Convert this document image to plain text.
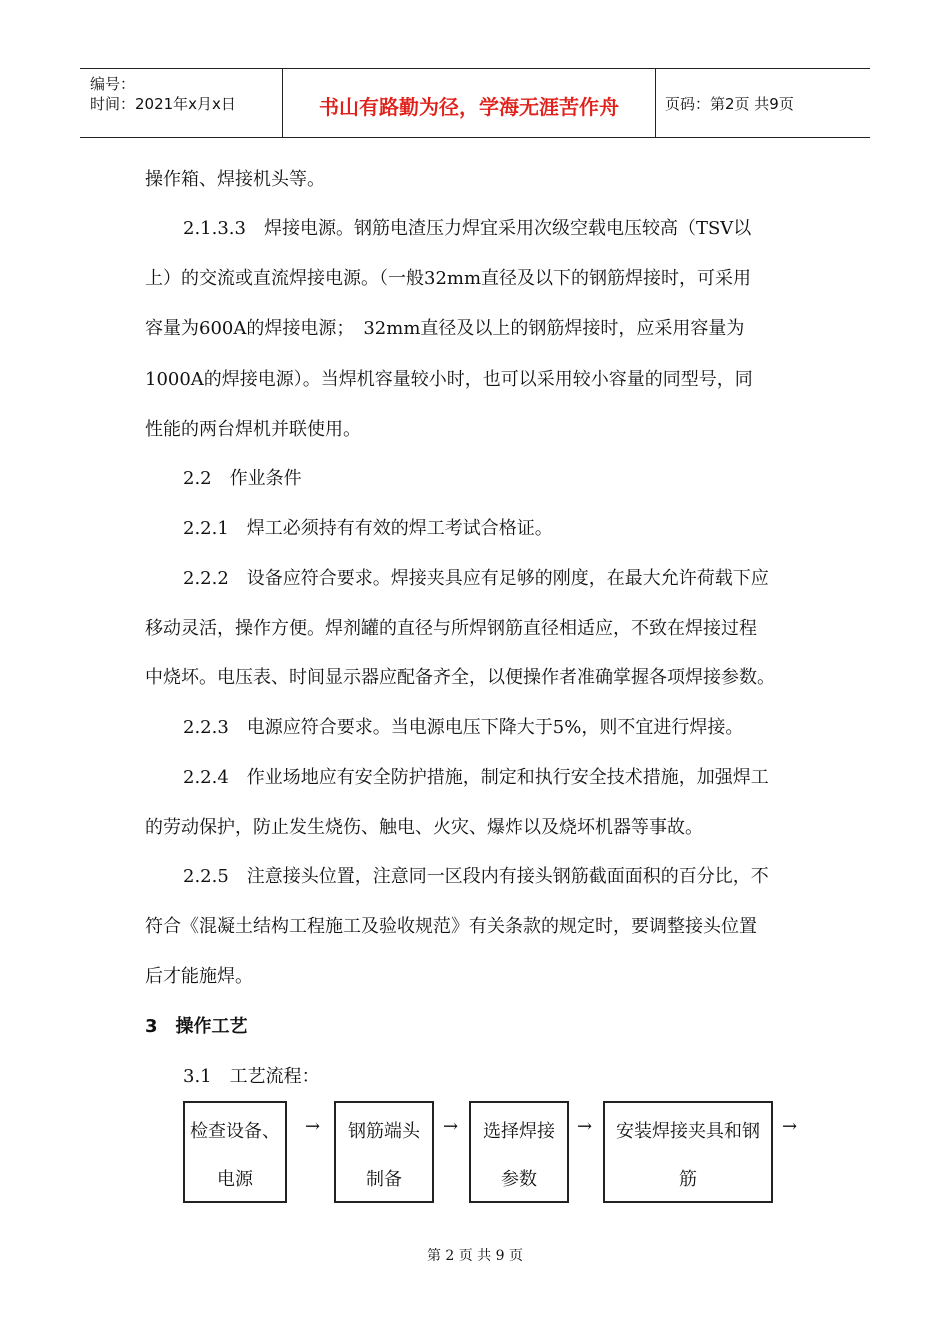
编号：
时间：2021年x月x日	书山有路勤为径，学海无涯苦作舟	页码：第2页 共9页
操作箱、焊接机头等。
2.1.3.3　焊接电源。钢筋电渣压力焊宜采用次级空载电压较高（TSV以
上）的交流或直流焊接电源。（一般32mm直径及以下的钢筋焊接时，可采用
容量为600A的焊接电源；　32mm直径及以上的钢筋焊接时，应采用容量为
1000A的焊接电源）。当焊机容量较小时，也可以采用较小容量的同型号，同
性能的两台焊机并联使用。
2.2　作业条件
2.2.1　焊工必须持有有效的焊工考试合格证。
2.2.2　设备应符合要求。焊接夹具应有足够的刚度，在最大允许荷载下应
移动灵活，操作方便。焊剂罐的直径与所焊钢筋直径相适应，不致在焊接过程
中烧坏。电压表、时间显示器应配备齐全，以便操作者准确掌握各项焊接参数。
2.2.3　电源应符合要求。当电源电压下降大于5%，则不宜进行焊接。
2.2.4　作业场地应有安全防护措施，制定和执行安全技术措施，加强焊工
的劳动保护，防止发生烧伤、触电、火灾、爆炸以及烧坏机器等事故。
2.2.5　注意接头位置，注意同一区段内有接头钢筋截面面积的百分比，不
符合《混凝土结构工程施工及验收规范》有关条款的规定时，要调整接头位置
后才能施焊。
3　操作工艺
3.1　工艺流程：
检查设备、
电源
→	钢筋端头
制备
→	选择焊接
参数
→	安装焊接夹具和钢
筋
→
第 2 页 共 9 页
